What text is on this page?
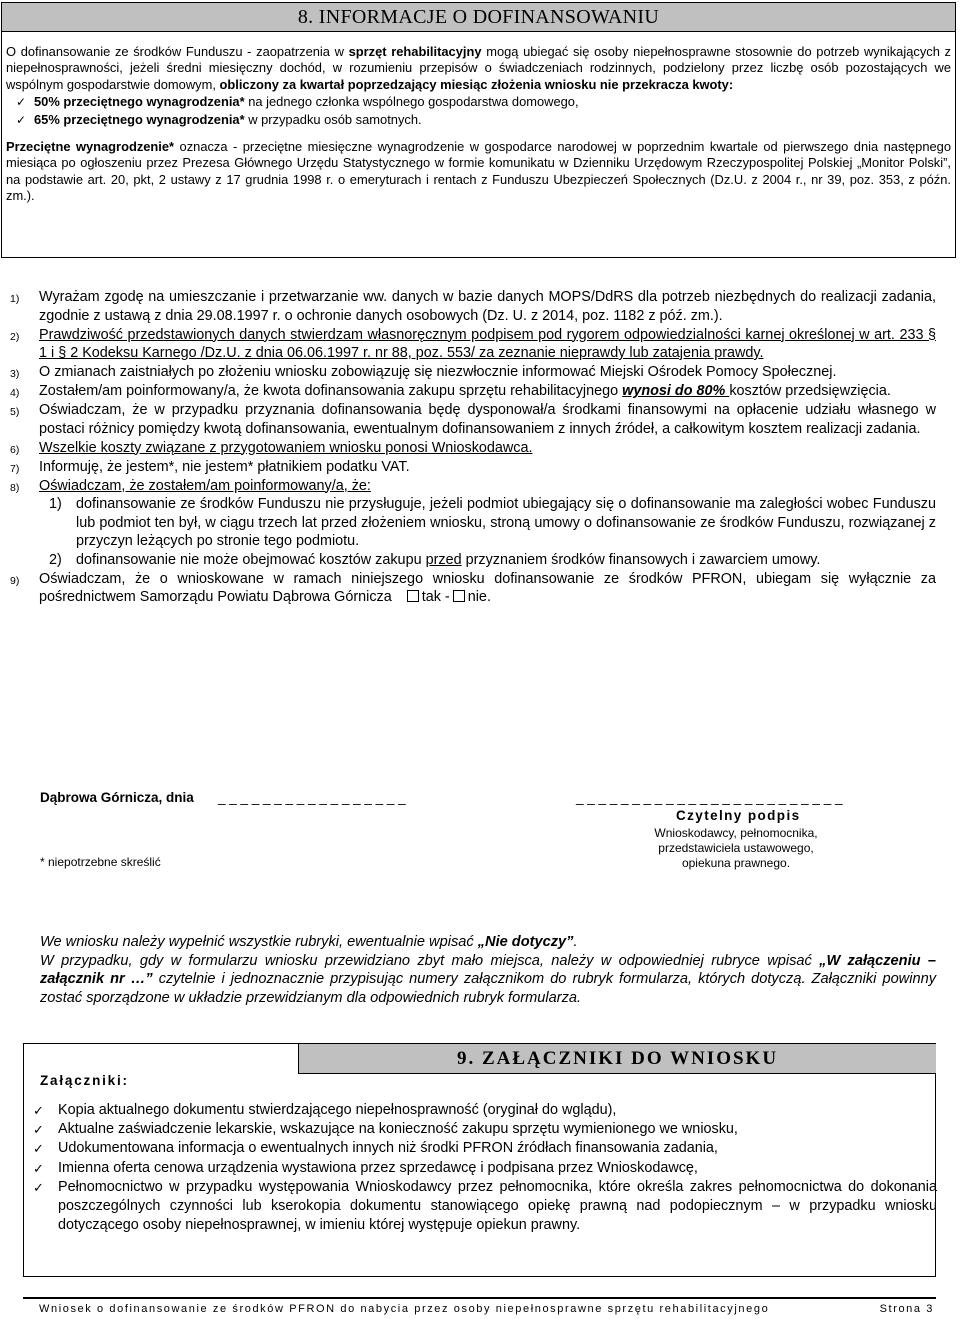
8. INFORMACJE O DOFINANSOWANIU

O dofinansowanie ze środków Funduszu - zaopatrzenia w sprzęt rehabilitacyjny mogą ubiegać się osoby niepełnosprawne stosownie do potrzeb wynikających z niepełnosprawności, jeżeli średni miesięczny dochód, w rozumieniu przepisów o świadczeniach rodzinnych, podzielony przez liczbę osób pozostających we wspólnym gospodarstwie domowym, obliczony za kwartał poprzedzający miesiąc złożenia wniosku nie przekracza kwoty:

✓ 50% przeciętnego wynagrodzenia* na jednego członka wspólnego gospodarstwa domowego,
✓ 65% przeciętnego wynagrodzenia* w przypadku osób samotnych.

Przeciętne wynagrodzenie* oznacza - przeciętne miesięczne wynagrodzenie w gospodarce narodowej w poprzednim kwartale od pierwszego dnia następnego miesiąca po ogłoszeniu przez Prezesa Głównego Urzędu Statystycznego w formie komunikatu w Dzienniku Urzędowym Rzeczypospolitej Polskiej „Monitor Polski”, na podstawie art. 20, pkt, 2 ustawy z 17 grudnia 1998 r. o emeryturach i rentach z Funduszu Ubezpieczeń Społecznych (Dz.U. z 2004 r., nr 39, poz. 353, z późn. zm.).

1) Wyrażam zgodę na umieszczanie i przetwarzanie ww. danych w bazie danych MOPS/DdRS dla potrzeb niezbędnych do realizacji zadania, zgodnie z ustawą z dnia 29.08.1997 r. o ochronie danych osobowych (Dz. U. z 2014, poz. 1182 z póź. zm.).
2) Prawdziwość przedstawionych danych stwierdzam własnoręcznym podpisem pod rygorem odpowiedzialności karnej określonej w art. 233 § 1 i § 2 Kodeksu Karnego /Dz.U. z dnia 06.06.1997 r. nr 88, poz. 553/ za zeznanie nieprawdy lub zatajenia prawdy.
3) O zmianach zaistniałych po złożeniu wniosku zobowiązuję się niezwłocznie informować Miejski Ośrodek Pomocy Społecznej.
4) Zostałem/am poinformowany/a, że kwota dofinansowania zakupu sprzętu rehabilitacyjnego wynosi do 80% kosztów przedsięwzięcia.
5) Oświadczam, że w przypadku przyznania dofinansowania będę dysponował/a środkami finansowymi na opłacenie udziału własnego w postaci różnicy pomiędzy kwotą dofinansowania, ewentualnym dofinansowaniem z innych źródeł, a całkowitym kosztem realizacji zadania.
6) Wszelkie koszty związane z przygotowaniem wniosku ponosi Wnioskodawca.
7) Informuję, że jestem*, nie jestem* płatnikiem podatku VAT.
8) Oświadczam, że zostałem/am poinformowany/a, że:
1) dofinansowanie ze środków Funduszu nie przysługuje, jeżeli podmiot ubiegający się o dofinansowanie ma zaległości wobec Funduszu lub podmiot ten był, w ciągu trzech lat przed złożeniem wniosku, stroną umowy o dofinansowanie ze środków Funduszu, rozwiązanej z przyczyn leżących po stronie tego podmiotu.
2) dofinansowanie nie może obejmować kosztów zakupu przed przyznaniem środków finansowych i zawarciem umowy.
9) Oświadczam, że o wnioskowane w ramach niniejszego wniosku dofinansowanie ze środków PFRON, ubiegam się wyłącznie za pośrednictwem Samorządu Powiatu Dąbrowa Górnicza tak - nie.
Dąbrowa Górnicza, dnia _ _ _ _ _ _ _ _ _ _ _ _ _ _ _ _ _	_ _ _ _ _ _ _ _ _ _ _ _ _ _ _ _ _ _ _ _ _ _ _ _
Czytelny podpis
Wnioskodawcy, pełnomocnika,
przedstawiciela ustawowego,
opiekuna prawnego.
* niepotrzebne skreślić

We wniosku należy wypełnić wszystkie rubryki, ewentualnie wpisać „Nie dotyczy”.

W przypadku, gdy w formularzu wniosku przewidziano zbyt mało miejsca, należy w odpowiedniej rubryce wpisać „W załączeniu – załącznik nr …” czytelnie i jednoznacznie przypisując numery załącznikom do rubryk formularza, których dotyczą. Załączniki powinny zostać sporządzone w układzie przewidzianym dla odpowiednich rubryk formularza.

9. ZAŁĄCZNIKI DO WNIOSKU
Załączniki:
✓ Kopia aktualnego dokumentu stwierdzającego niepełnosprawność (oryginał do wglądu),
✓ Aktualne zaświadczenie lekarskie, wskazujące na konieczność zakupu sprzętu wymienionego we wniosku,
✓ Udokumentowana informacja o ewentualnych innych niż środki PFRON źródłach finansowania zadania,
✓ Imienna oferta cenowa urządzenia wystawiona przez sprzedawcę i podpisana przez Wnioskodawcę,
✓ Pełnomocnictwo w przypadku występowania Wnioskodawcy przez pełnomocnika, które określa zakres pełnomocnictwa do dokonania poszczególnych czynności lub kserokopia dokumentu stanowiącego opiekę prawną nad podopiecznym – w przypadku wniosku dotyczącego osoby niepełnosprawnej, w imieniu której występuje opiekun prawny.
Wniosek o dofinansowanie ze środków PFRON do nabycia przez osoby niepełnosprawne sprzętu rehabilitacyjnego	Strona 3
